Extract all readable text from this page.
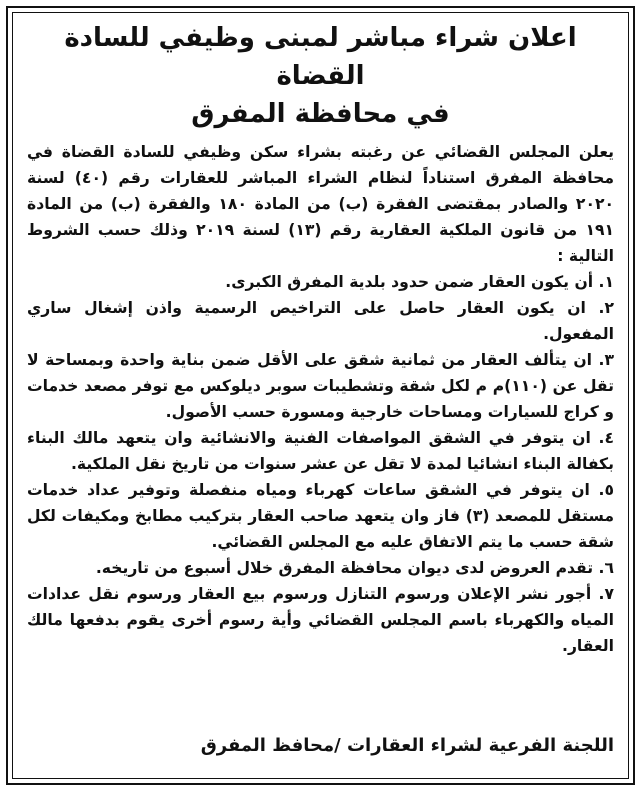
اعلان شراء مباشر لمبنى وظيفي للسادة القضاة
في محافظة المفرق

يعلن المجلس القضائي عن رغبته بشراء سكن وظيفي للسادة القضاة في محافظة المفرق استناداً لنظام الشراء المباشر للعقارات رقم (٤٠) لسنة ٢٠٢٠ والصادر بمقتضى الفقرة (ب) من المادة ١٨٠ والفقرة (ب) من المادة ١٩١ من قانون الملكية العقارية رقم (١٣) لسنة ٢٠١٩ وذلك حسب الشروط التالية :

١. أن يكون العقار ضمن حدود بلدية المفرق الكبرى.
٢. ان يكون العقار حاصل على التراخيص الرسمية واذن إشغال ساري المفعول.
٣. ان يتألف العقار من ثمانية شقق على الأقل ضمن بناية واحدة وبمساحة لا تقل عن (١١٠)م م لكل شقة وتشطيبات سوبر ديلوكس مع توفر مصعد خدمات و كراج للسيارات ومساحات خارجية ومسورة حسب الأصول.
٤. ان يتوفر في الشقق المواصفات الفنية والانشائية وان يتعهد مالك البناء بكفالة البناء انشائيا لمدة لا تقل عن عشر سنوات من تاريخ نقل الملكية.
٥. ان يتوفر في الشقق ساعات كهرباء ومياه منفصلة وتوفير عداد خدمات مستقل للمصعد (٣) فاز وان يتعهد صاحب العقار بتركيب مطابخ ومكيفات لكل شقة حسب ما يتم الاتفاق عليه مع المجلس القضائي.
٦. تقدم العروض لدى ديوان محافظة المفرق خلال أسبوع من تاريخه.
٧. أجور نشر الإعلان ورسوم التنازل ورسوم بيع العقار ورسوم نقل عدادات المياه والكهرباء باسم المجلس القضائي وأية رسوم أخرى يقوم بدفعها مالك العقار.

اللجنة الفرعية لشراء العقارات /محافظ المفرق
